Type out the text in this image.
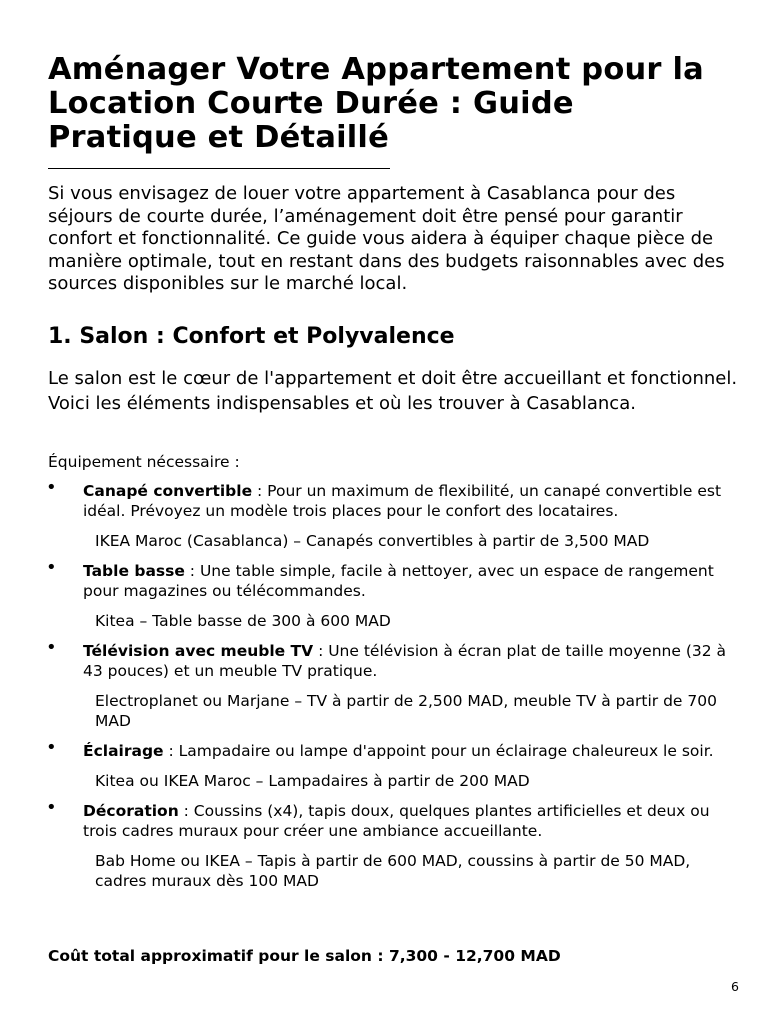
Aménager Votre Appartement pour la Location Courte Durée : Guide Pratique et Détaillé

Si vous envisagez de louer votre appartement à Casablanca pour des séjours de courte durée, l’aménagement doit être pensé pour garantir confort et fonctionnalité. Ce guide vous aidera à équiper chaque pièce de manière optimale, tout en restant dans des budgets raisonnables avec des sources disponibles sur le marché local.

1. Salon : Confort et Polyvalence

Le salon est le cœur de l'appartement et doit être accueillant et fonctionnel. Voici les éléments indispensables et où les trouver à Casablanca.

Équipement nécessaire :

• Canapé convertible : Pour un maximum de flexibilité, un canapé convertible est idéal. Prévoyez un modèle trois places pour le confort des locataires.

IKEA Maroc (Casablanca) – Canapés convertibles à partir de 3,500 MAD

• Table basse : Une table simple, facile à nettoyer, avec un espace de rangement pour magazines ou télécommandes.

Kitea – Table basse de 300 à 600 MAD

• Télévision avec meuble TV : Une télévision à écran plat de taille moyenne (32 à 43 pouces) et un meuble TV pratique.

Electroplanet ou Marjane – TV à partir de 2,500 MAD, meuble TV à partir de 700 MAD

• Éclairage : Lampadaire ou lampe d'appoint pour un éclairage chaleureux le soir.

Kitea ou IKEA Maroc – Lampadaires à partir de 200 MAD

• Décoration : Coussins (x4), tapis doux, quelques plantes artificielles et deux ou trois cadres muraux pour créer une ambiance accueillante.

Bab Home ou IKEA – Tapis à partir de 600 MAD, coussins à partir de 50 MAD, cadres muraux dès 100 MAD

Coût total approximatif pour le salon : 7,300 - 12,700 MAD

6
